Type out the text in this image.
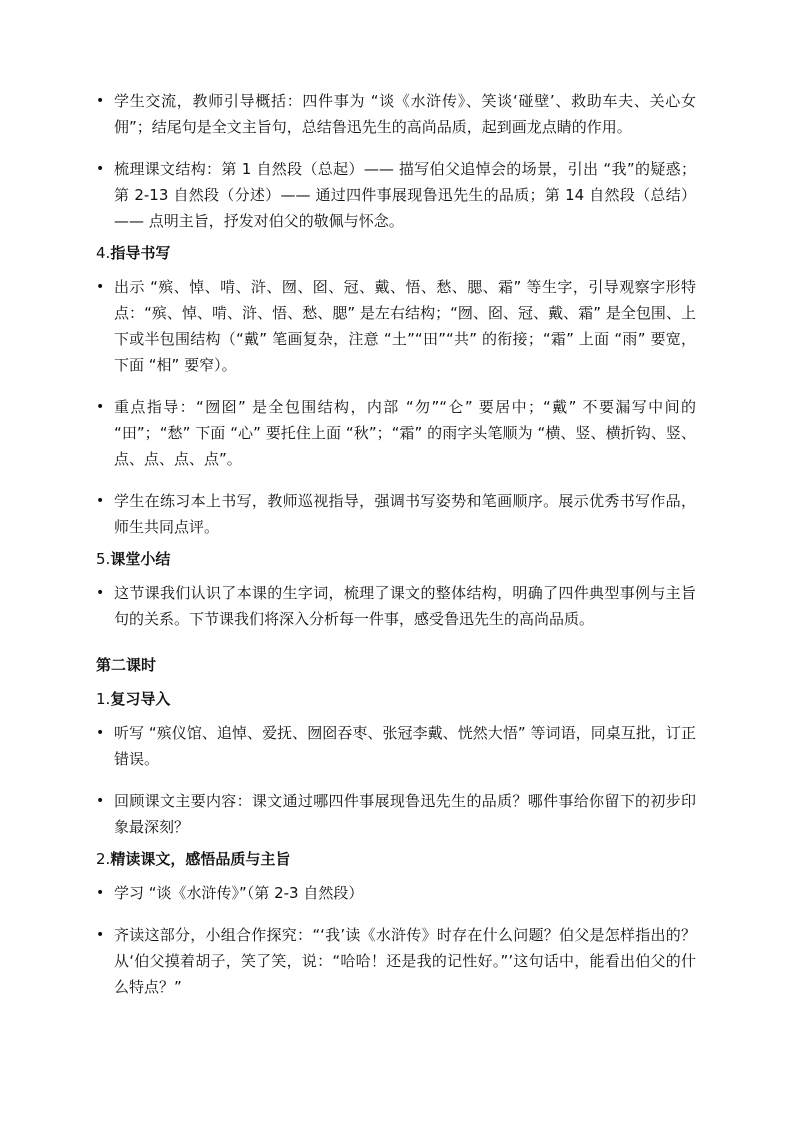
• 学生交流，教师引导概括：四件事为 “谈《水浒传》、笑谈‘碰壁’、救助车夫、关心女佣”；结尾句是全文主旨句，总结鲁迅先生的高尚品质，起到画龙点睛的作用。
• 梳理课文结构：第 1 自然段（总起）—— 描写伯父追悼会的场景，引出 “我”的疑惑；第 2-13 自然段（分述）—— 通过四件事展现鲁迅先生的品质；第 14 自然段（总结）—— 点明主旨，抒发对伯父的敬佩与怀念。

4.指导书写

• 出示 “殡、悼、啃、浒、囫、囵、冠、戴、悟、愁、腮、霜” 等生字，引导观察字形特点：“殡、悼、啃、浒、悟、愁、腮” 是左右结构；“囫、囵、冠、戴、霜” 是全包围、上下或半包围结构（“戴” 笔画复杂，注意 “土”“田”“共” 的衔接；“霜” 上面 “雨” 要宽，下面 “相” 要窄）。
• 重点指导：“囫囵” 是全包围结构，内部 “勿”“仑” 要居中；“戴” 不要漏写中间的 “田”；“愁” 下面 “心” 要托住上面 “秋”；“霜” 的雨字头笔顺为 “横、竖、横折钩、竖、点、点、点、点”。
• 学生在练习本上书写，教师巡视指导，强调书写姿势和笔画顺序。展示优秀书写作品，师生共同点评。

5.课堂小结

• 这节课我们认识了本课的生字词，梳理了课文的整体结构，明确了四件典型事例与主旨句的关系。下节课我们将深入分析每一件事，感受鲁迅先生的高尚品质。

第二课时

1.复习导入

• 听写 “殡仪馆、追悼、爱抚、囫囵吞枣、张冠李戴、恍然大悟” 等词语，同桌互批，订正错误。
• 回顾课文主要内容：课文通过哪四件事展现鲁迅先生的品质？哪件事给你留下的初步印象最深刻？

2.精读课文，感悟品质与主旨

• 学习 “谈《水浒传》”（第 2-3 自然段）
• 齐读这部分，小组合作探究：“‘我’读《水浒传》时存在什么问题？伯父是怎样指出的？从‘伯父摸着胡子，笑了笑，说：“哈哈！还是我的记性好。”’这句话中，能看出伯父的什么特点？”
